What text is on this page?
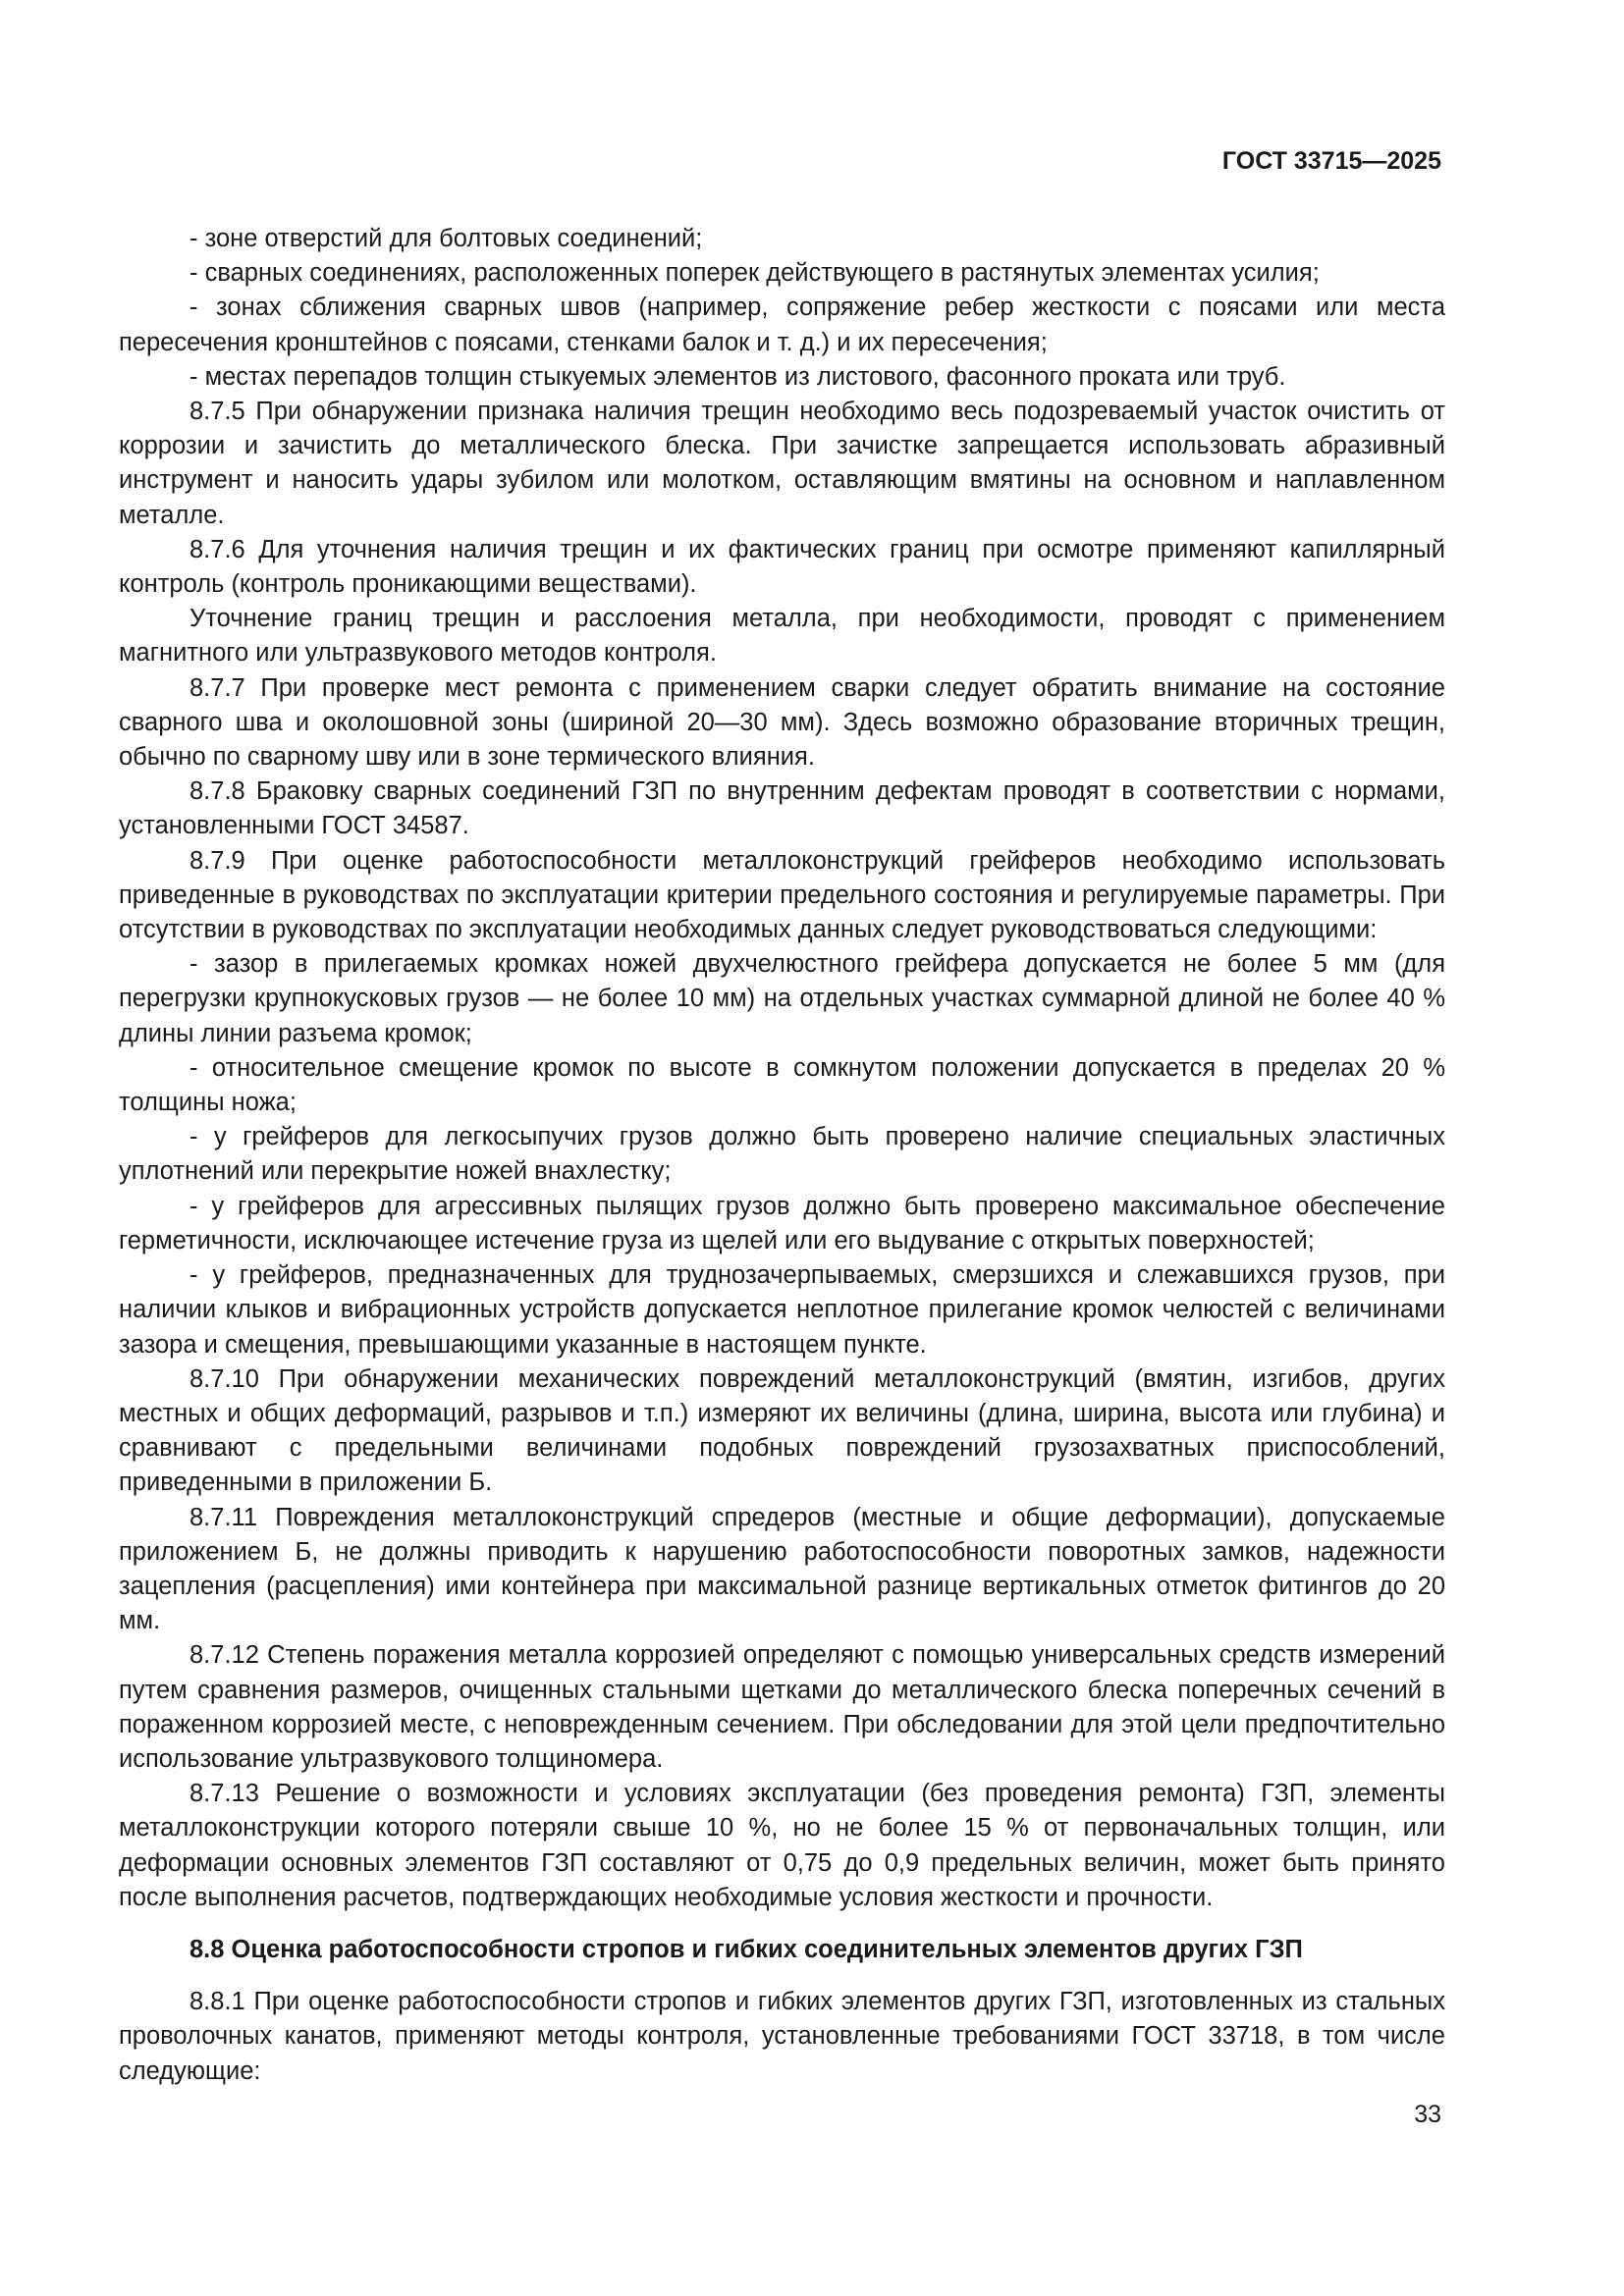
ГОСТ 33715—2025

- зоне отверстий для болтовых соединений;

- сварных соединениях, расположенных поперек действующего в растянутых элементах усилия;

- зонах сближения сварных швов (например, сопряжение ребер жесткости с поясами или места пересечения кронштейнов с поясами, стенками балок и т. д.) и их пересечения;

- местах перепадов толщин стыкуемых элементов из листового, фасонного проката или труб.

8.7.5 При обнаружении признака наличия трещин необходимо весь подозреваемый участок очистить от коррозии и зачистить до металлического блеска. При зачистке запрещается использовать абразивный инструмент и наносить удары зубилом или молотком, оставляющим вмятины на основном и наплавленном металле.

8.7.6 Для уточнения наличия трещин и их фактических границ при осмотре применяют капиллярный контроль (контроль проникающими веществами).

Уточнение границ трещин и расслоения металла, при необходимости, проводят с применением магнитного или ультразвукового методов контроля.

8.7.7 При проверке мест ремонта с применением сварки следует обратить внимание на состояние сварного шва и околошовной зоны (шириной 20—30 мм). Здесь возможно образование вторичных трещин, обычно по сварному шву или в зоне термического влияния.

8.7.8 Браковку сварных соединений ГЗП по внутренним дефектам проводят в соответствии с нормами, установленными ГОСТ 34587.

8.7.9 При оценке работоспособности металлоконструкций грейферов необходимо использовать приведенные в руководствах по эксплуатации критерии предельного состояния и регулируемые параметры. При отсутствии в руководствах по эксплуатации необходимых данных следует руководствоваться следующими:

- зазор в прилегаемых кромках ножей двухчелюстного грейфера допускается не более 5 мм (для перегрузки крупнокусковых грузов — не более 10 мм) на отдельных участках суммарной длиной не более 40 % длины линии разъема кромок;

- относительное смещение кромок по высоте в сомкнутом положении допускается в пределах 20 % толщины ножа;

- у грейферов для легкосыпучих грузов должно быть проверено наличие специальных эластичных уплотнений или перекрытие ножей внахлестку;

- у грейферов для агрессивных пылящих грузов должно быть проверено максимальное обеспечение герметичности, исключающее истечение груза из щелей или его выдувание с открытых поверхностей;

- у грейферов, предназначенных для труднозачерпываемых, смерзшихся и слежавшихся грузов, при наличии клыков и вибрационных устройств допускается неплотное прилегание кромок челюстей с величинами зазора и смещения, превышающими указанные в настоящем пункте.

8.7.10 При обнаружении механических повреждений металлоконструкций (вмятин, изгибов, других местных и общих деформаций, разрывов и т.п.) измеряют их величины (длина, ширина, высота или глубина) и сравнивают с предельными величинами подобных повреждений грузозахватных приспособлений, приведенными в приложении Б.

8.7.11 Повреждения металлоконструкций спредеров (местные и общие деформации), допускаемые приложением Б, не должны приводить к нарушению работоспособности поворотных замков, надежности зацепления (расцепления) ими контейнера при максимальной разнице вертикальных отметок фитингов до 20 мм.

8.7.12 Степень поражения металла коррозией определяют с помощью универсальных средств измерений путем сравнения размеров, очищенных стальными щетками до металлического блеска поперечных сечений в пораженном коррозией месте, с неповрежденным сечением. При обследовании для этой цели предпочтительно использование ультразвукового толщиномера.

8.7.13 Решение о возможности и условиях эксплуатации (без проведения ремонта) ГЗП, элементы металлоконструкции которого потеряли свыше 10 %, но не более 15 % от первоначальных толщин, или деформации основных элементов ГЗП составляют от 0,75 до 0,9 предельных величин, может быть принято после выполнения расчетов, подтверждающих необходимые условия жесткости и прочности.

8.8 Оценка работоспособности стропов и гибких соединительных элементов других ГЗП

8.8.1 При оценке работоспособности стропов и гибких элементов других ГЗП, изготовленных из стальных проволочных канатов, применяют методы контроля, установленные требованиями ГОСТ 33718, в том числе следующие:

33
